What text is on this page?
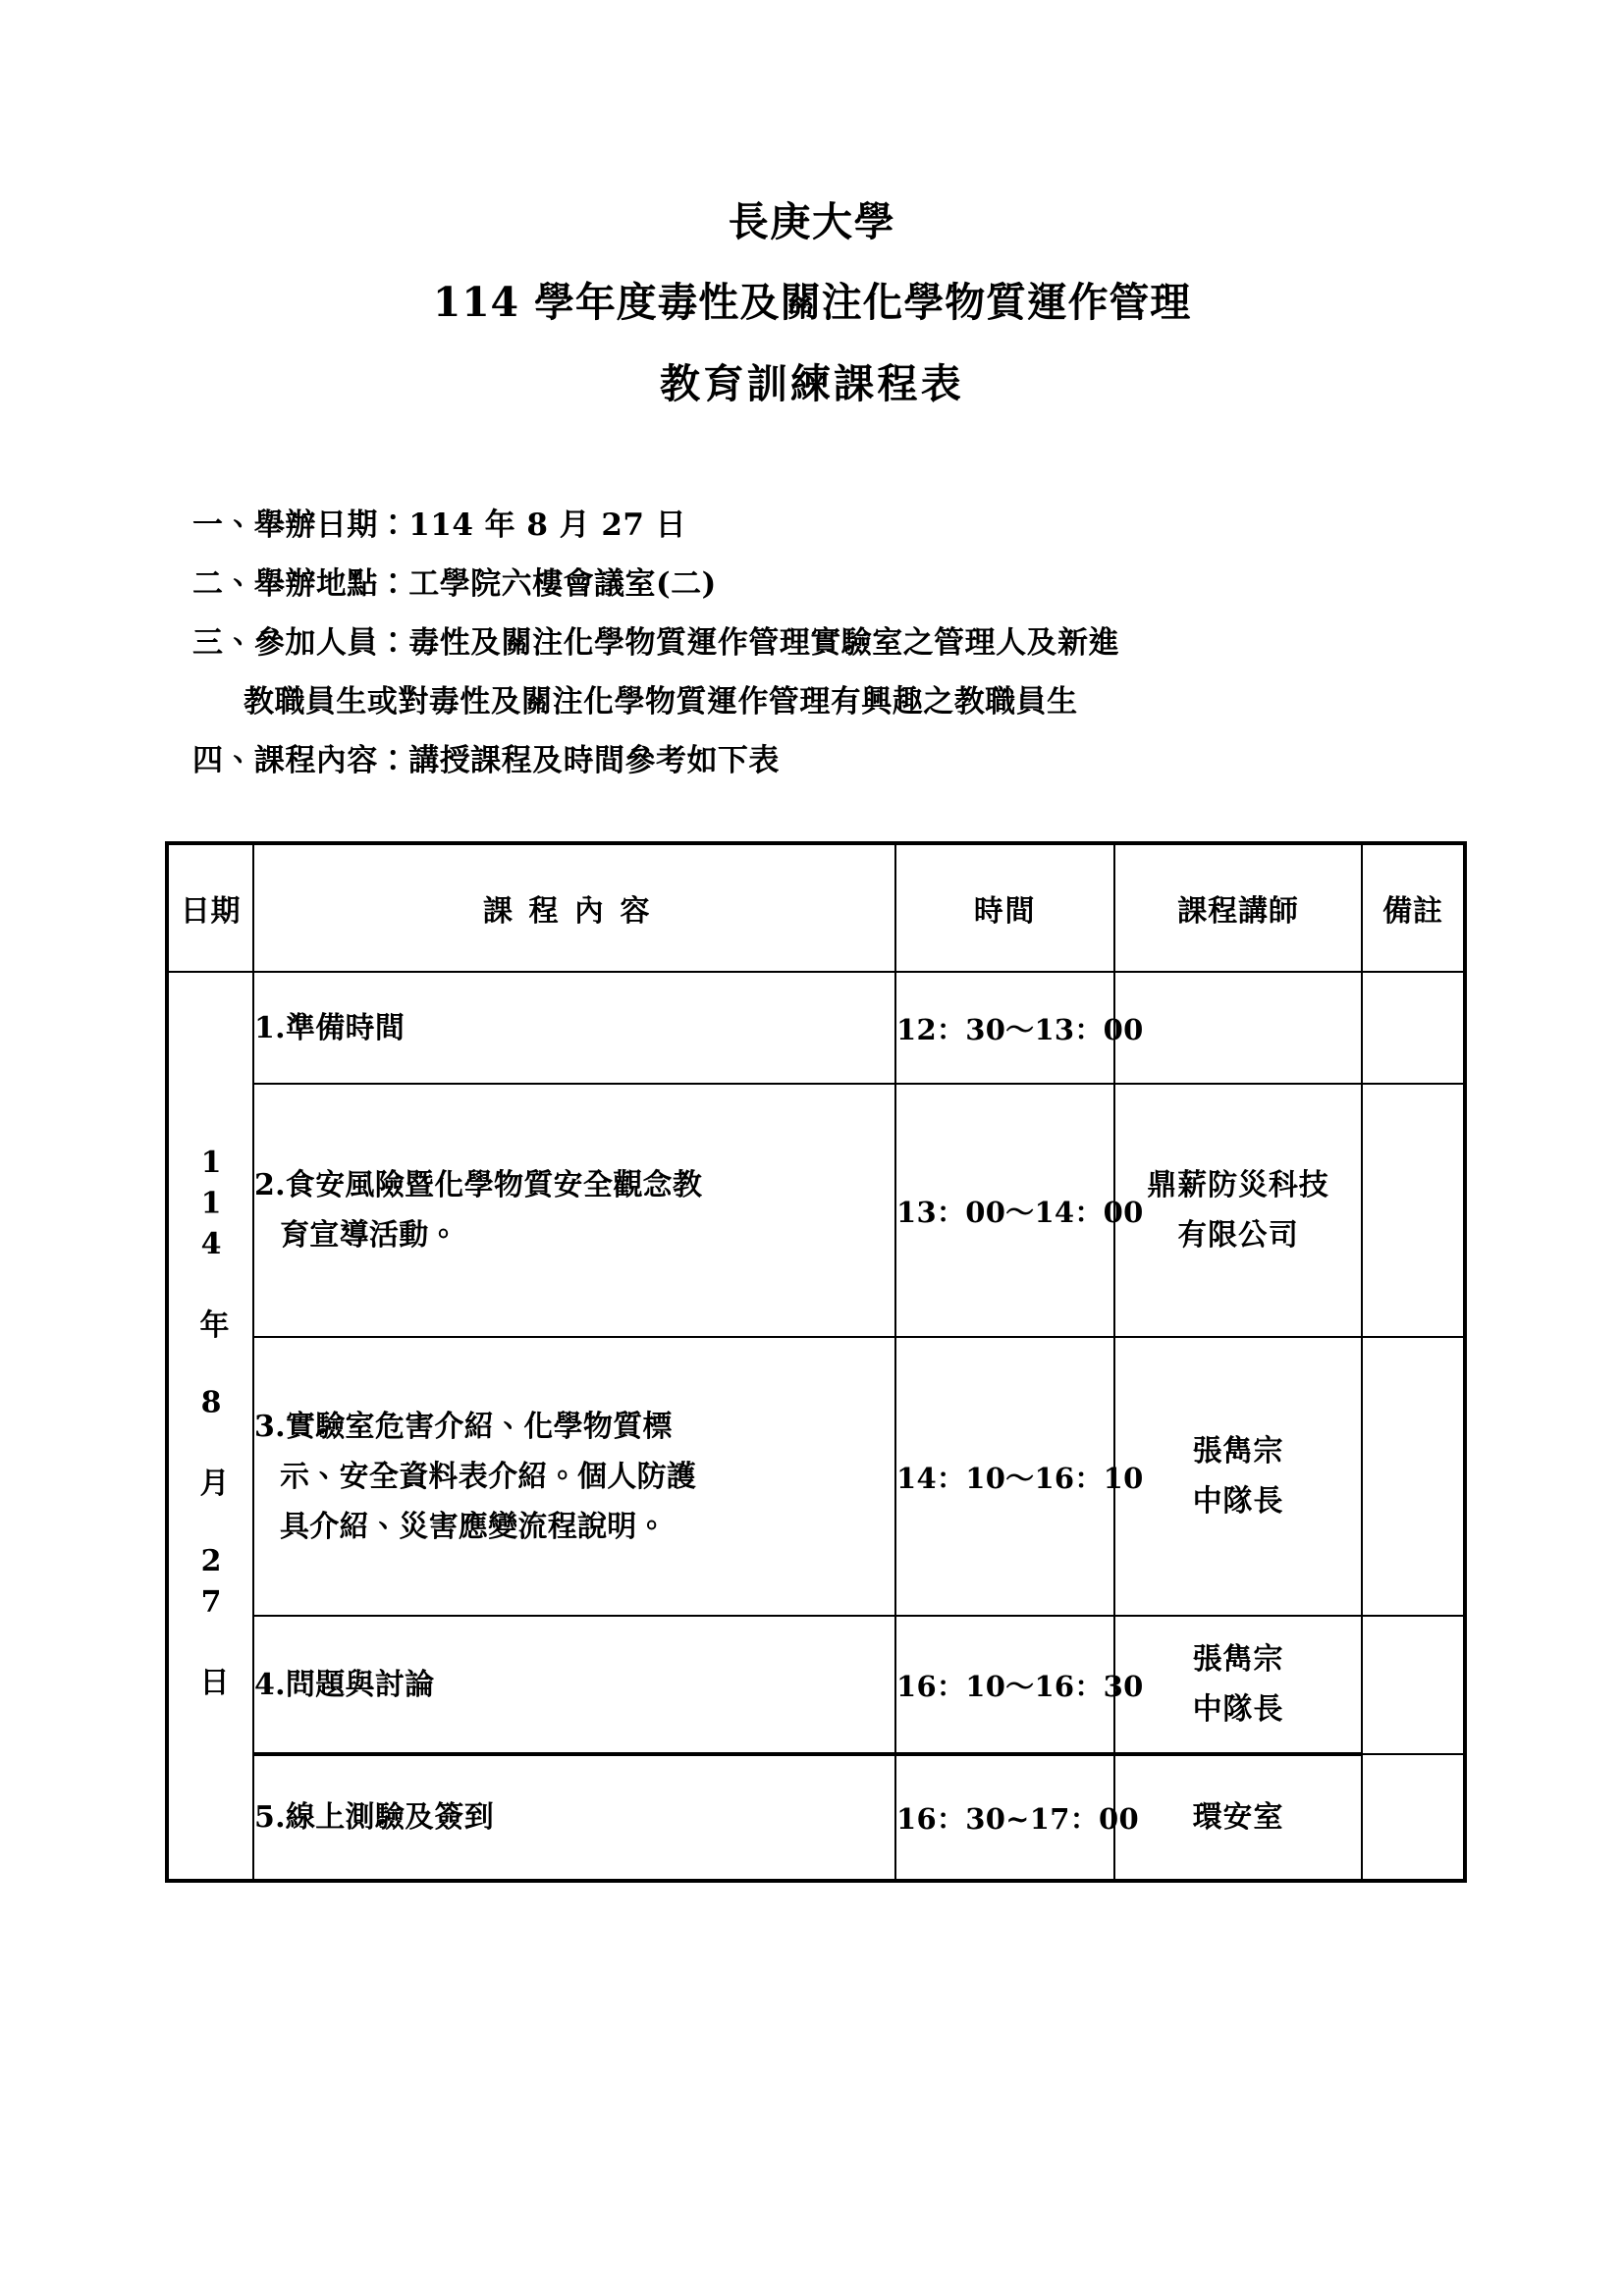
長庚大學
114 學年度毒性及關注化學物質運作管理
教育訓練課程表
一、舉辦日期：114 年 8 月 27 日
二、舉辦地點：工學院六樓會議室(二)
三、參加人員：毒性及關注化學物質運作管理實驗室之管理人及新進
教職員生或對毒性及關注化學物質運作管理有興趣之教職員生
四、課程內容：講授課程及時間參考如下表
日期	課程內容	時間	課程講師	備註
114 年 8 月 27 日	1.準備時間	12：30～13：00		

	2.食安風險暨化學物質安全觀念教
育宣導活動。	13：00～14：00	鼎薪防災科技
有限公司	

	3.實驗室危害介紹、化學物質標
示、安全資料表介紹。個人防護
具介紹、災害應變流程說明。	14：10～16：10	張雋宗
中隊長	

	4.問題與討論	16：10～16：30	張雋宗
中隊長	

	5.線上測驗及簽到	16：30~17：00	環安室	
